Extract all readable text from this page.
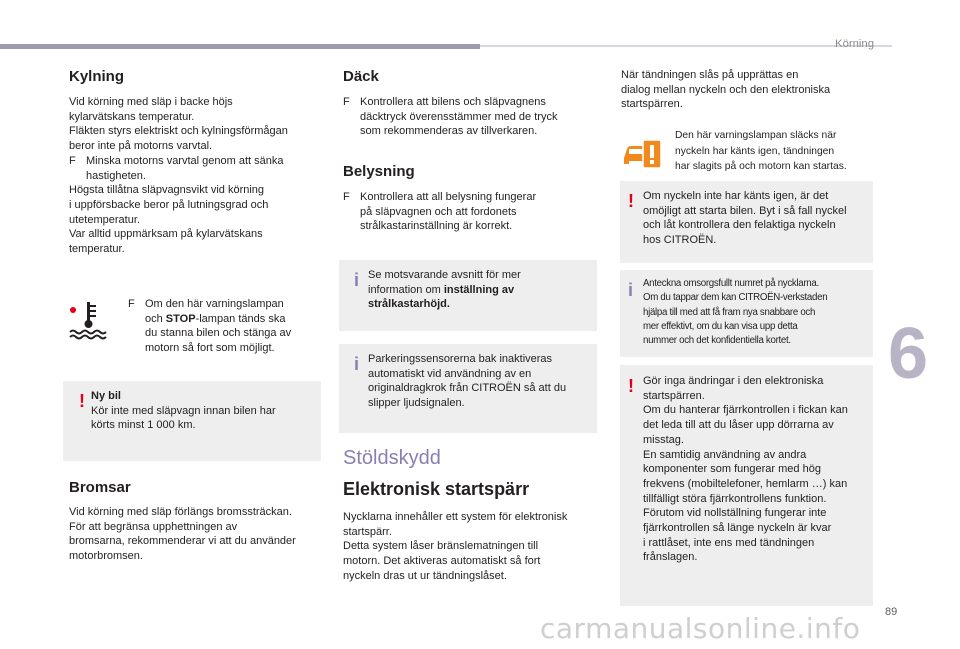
Körning
Kylning
Vid körning med släp i backe höjs
kylarvätskans temperatur.
Fläkten styrs elektriskt och kylningsförmågan
beror inte på motorns varvtal.
F Minska motorns varvtal genom att sänka
hastigheten.
Högsta tillåtna släpvagnsvikt vid körning
i uppförsbacke beror på lutningsgrad och
utetemperatur.
Var alltid uppmärksam på kylarvätskans
temperatur.
F Om den här varningslampan
och STOP-lampan tänds ska
du stanna bilen och stänga av
motorn så fort som möjligt.
! Ny bil
Kör inte med släpvagn innan bilen har
körts minst 1 000 km.
Bromsar
Vid körning med släp förlängs bromssträckan.
För att begränsa upphettningen av
bromsarna, rekommenderar vi att du använder
motorbromsen.
Däck
F Kontrollera att bilens och släpvagnens
däcktryck överensstämmer med de tryck
som rekommenderas av tillverkaren.
Belysning
F Kontrollera att all belysning fungerar
på släpvagnen och att fordonets
strålkastarinställning är korrekt.
i Se motsvarande avsnitt för mer
information om inställning av
strålkastarhöjd.
i Parkeringssensorerna bak inaktiveras
automatiskt vid användning av en
originaldragkrok från CITROËN så att du
slipper ljudsignalen.
Stöldskydd
Elektronisk startspärr
Nycklarna innehåller ett system för elektronisk
startspärr.
Detta system låser bränslematningen till
motorn. Det aktiveras automatiskt så fort
nyckeln dras ut ur tändningslåset.
När tändningen slås på upprättas en
dialog mellan nyckeln och den elektroniska
startspärren.
Den här varningslampan släcks när
nyckeln har känts igen, tändningen
har slagits på och motorn kan startas.
! Om nyckeln inte har känts igen, är det
omöjligt att starta bilen. Byt i så fall nyckel
och låt kontrollera den felaktiga nyckeln
hos CITROËN.
i Anteckna omsorgsfullt numret på nycklarna.
Om du tappar dem kan CITROËN-verkstaden
hjälpa till med att få fram nya snabbare och
mer effektivt, om du kan visa upp detta
nummer och det konfidentiella kortet.
! Gör inga ändringar i den elektroniska
startspärren.
Om du hanterar fjärrkontrollen i fickan kan
det leda till att du låser upp dörrarna av
misstag.
En samtidig användning av andra
komponenter som fungerar med hög
frekvens (mobiltelefoner, hemlarm …) kan
tillfälligt störa fjärrkontrollens funktion.
Förutom vid nollställning fungerar inte
fjärrkontrollen så länge nyckeln är kvar
i rattlåset, inte ens med tändningen
frånslagen.
6
89
carmanualsonline.info
